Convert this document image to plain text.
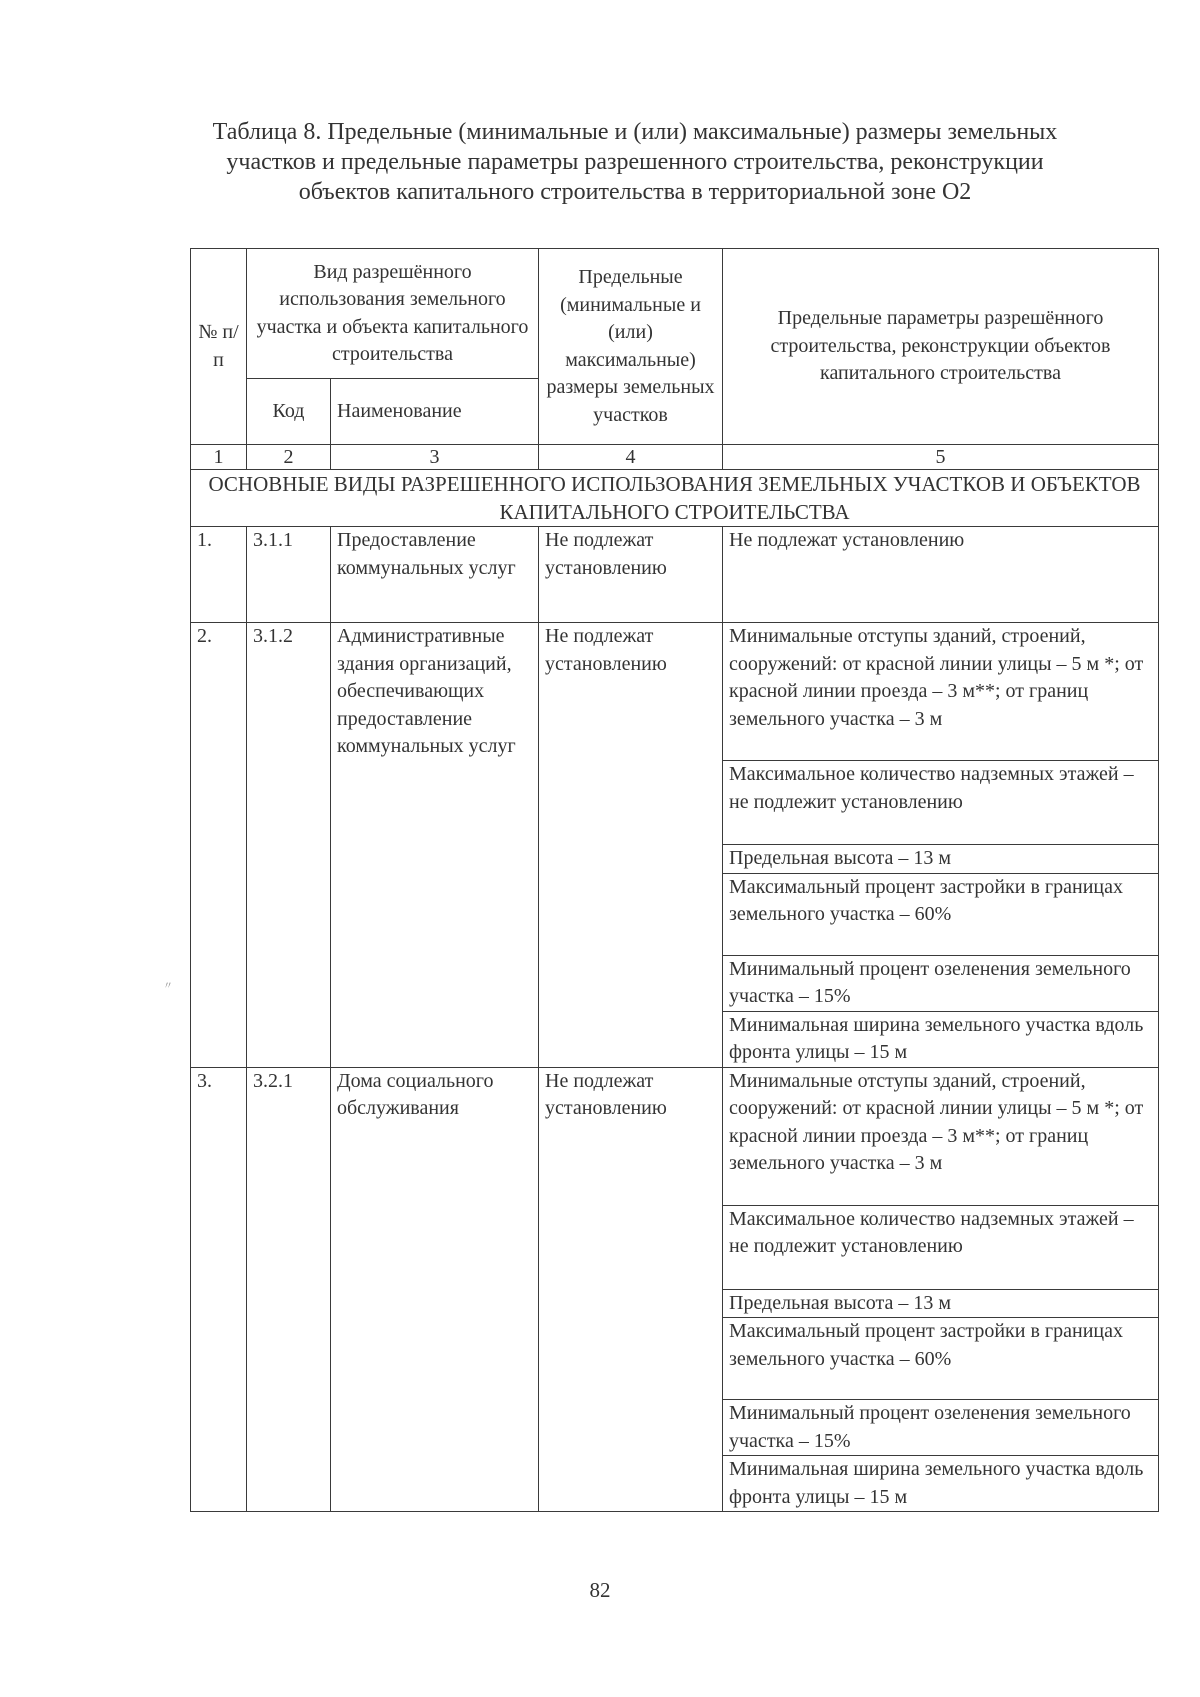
Таблица 8. Предельные (минимальные и (или) максимальные) размеры земельных участков и предельные параметры разрешенного строительства, реконструкции объектов капитального строительства в территориальной зоне О2
№ п/п	Вид разрешённого использования земельного участка и объекта капитального строительства		Предельные (минимальные и (или) максимальные) размеры земельных участков	Предельные параметры разрешённого строительства, реконструкции объектов капитального строительства
	Код	Наименование		
1	2	3	4	5
ОСНОВНЫЕ ВИДЫ РАЗРЕШЕННОГО ИСПОЛЬЗОВАНИЯ ЗЕМЕЛЬНЫХ УЧАСТКОВ И ОБЪЕКТОВ КАПИТАЛЬНОГО СТРОИТЕЛЬСТВА				
1.	3.1.1	Предоставление коммунальных услуг	Не подлежат установлению	Не подлежат установлению
2.	3.1.2	Административные здания организаций, обеспечивающих предоставление коммунальных услуг	Не подлежат установлению	Минимальные отступы зданий, строений, сооружений: от красной линии улицы – 5 м *; от красной линии проезда – 3 м**; от границ земельного участка – 3 м
				Максимальное количество надземных этажей – не подлежит установлению
				Предельная высота – 13 м
				Максимальный процент застройки в границах земельного участка – 60%
				Минимальный процент озеленения земельного участка – 15%
				Минимальная ширина земельного участка вдоль фронта улицы – 15 м
3.	3.2.1	Дома социального обслуживания	Не подлежат установлению	Минимальные отступы зданий, строений, сооружений: от красной линии улицы – 5 м *; от красной линии проезда – 3 м**; от границ земельного участка – 3 м
				Максимальное количество надземных этажей – не подлежит установлению
				Предельная высота – 13 м
				Максимальный процент застройки в границах земельного участка – 60%
				Минимальный процент озеленения земельного участка – 15%
				Минимальная ширина земельного участка вдоль фронта улицы – 15 м
〃
82
